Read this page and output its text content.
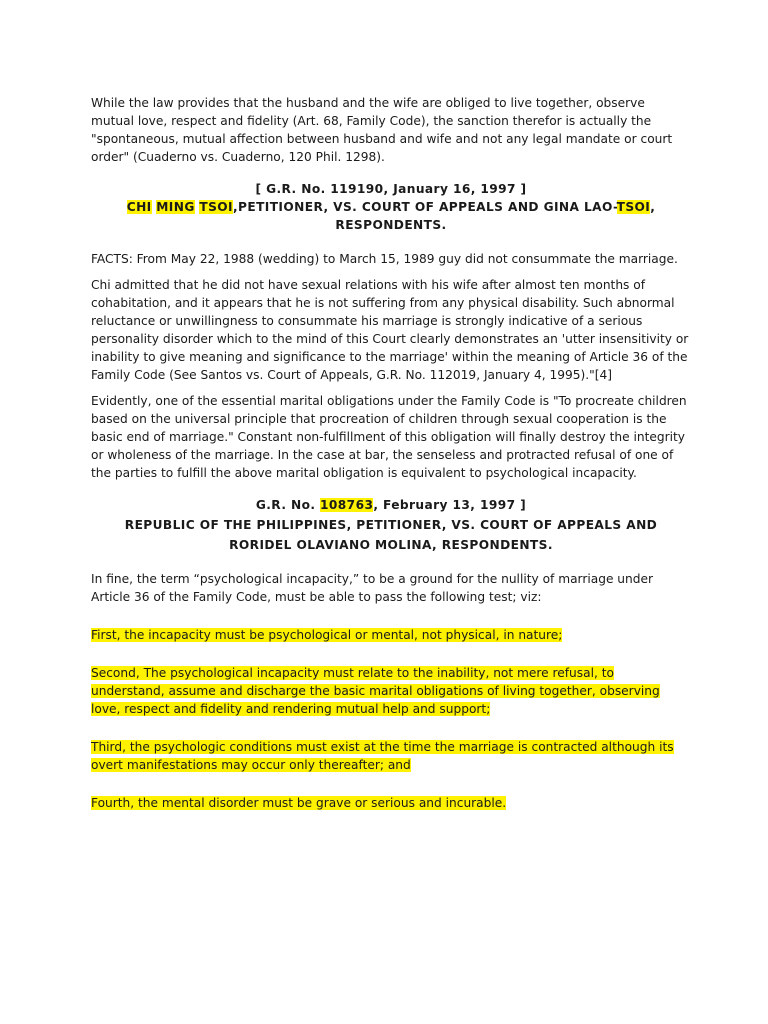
While the law provides that the husband and the wife are obliged to live together, observe mutual love, respect and fidelity (Art. 68, Family Code), the sanction therefor is actually the "spontaneous, mutual affection between husband and wife and not any legal mandate or court order" (Cuaderno vs. Cuaderno, 120 Phil. 1298).

[ G.R. No. 119190, January 16, 1997 ]

CHI MING TSOI,PETITIONER, VS. COURT OF APPEALS AND GINA LAO-TSOI,

RESPONDENTS.

FACTS: From May 22, 1988 (wedding) to March 15, 1989 guy did not consummate the marriage.

Chi admitted that he did not have sexual relations with his wife after almost ten months of cohabitation, and it appears that he is not suffering from any physical disability. Such abnormal reluctance or unwillingness to consummate his marriage is strongly indicative of a serious personality disorder which to the mind of this Court clearly demonstrates an 'utter insensitivity or inability to give meaning and significance to the marriage' within the meaning of Article 36 of the Family Code (See Santos vs. Court of Appeals, G.R. No. 112019, January 4, 1995)."[4]

Evidently, one of the essential marital obligations under the Family Code is "To procreate children based on the universal principle that procreation of children through sexual cooperation is the basic end of marriage." Constant non-fulfillment of this obligation will finally destroy the integrity or wholeness of the marriage. In the case at bar, the senseless and protracted refusal of one of the parties to fulfill the above marital obligation is equivalent to psychological incapacity.

G.R. No. 108763, February 13, 1997 ]

REPUBLIC OF THE PHILIPPINES, PETITIONER, VS. COURT OF APPEALS AND

RORIDEL OLAVIANO MOLINA, RESPONDENTS.

In fine, the term “psychological incapacity,” to be a ground for the nullity of marriage under Article 36 of the Family Code, must be able to pass the following test; viz:

First, the incapacity must be psychological or mental, not physical, in nature;

Second, The psychological incapacity must relate to the inability, not mere refusal, to understand, assume and discharge the basic marital obligations of living together, observing love, respect and fidelity and rendering mutual help and support;

Third, the psychologic conditions must exist at the time the marriage is contracted although its overt manifestations may occur only thereafter; and

Fourth, the mental disorder must be grave or serious and incurable.
